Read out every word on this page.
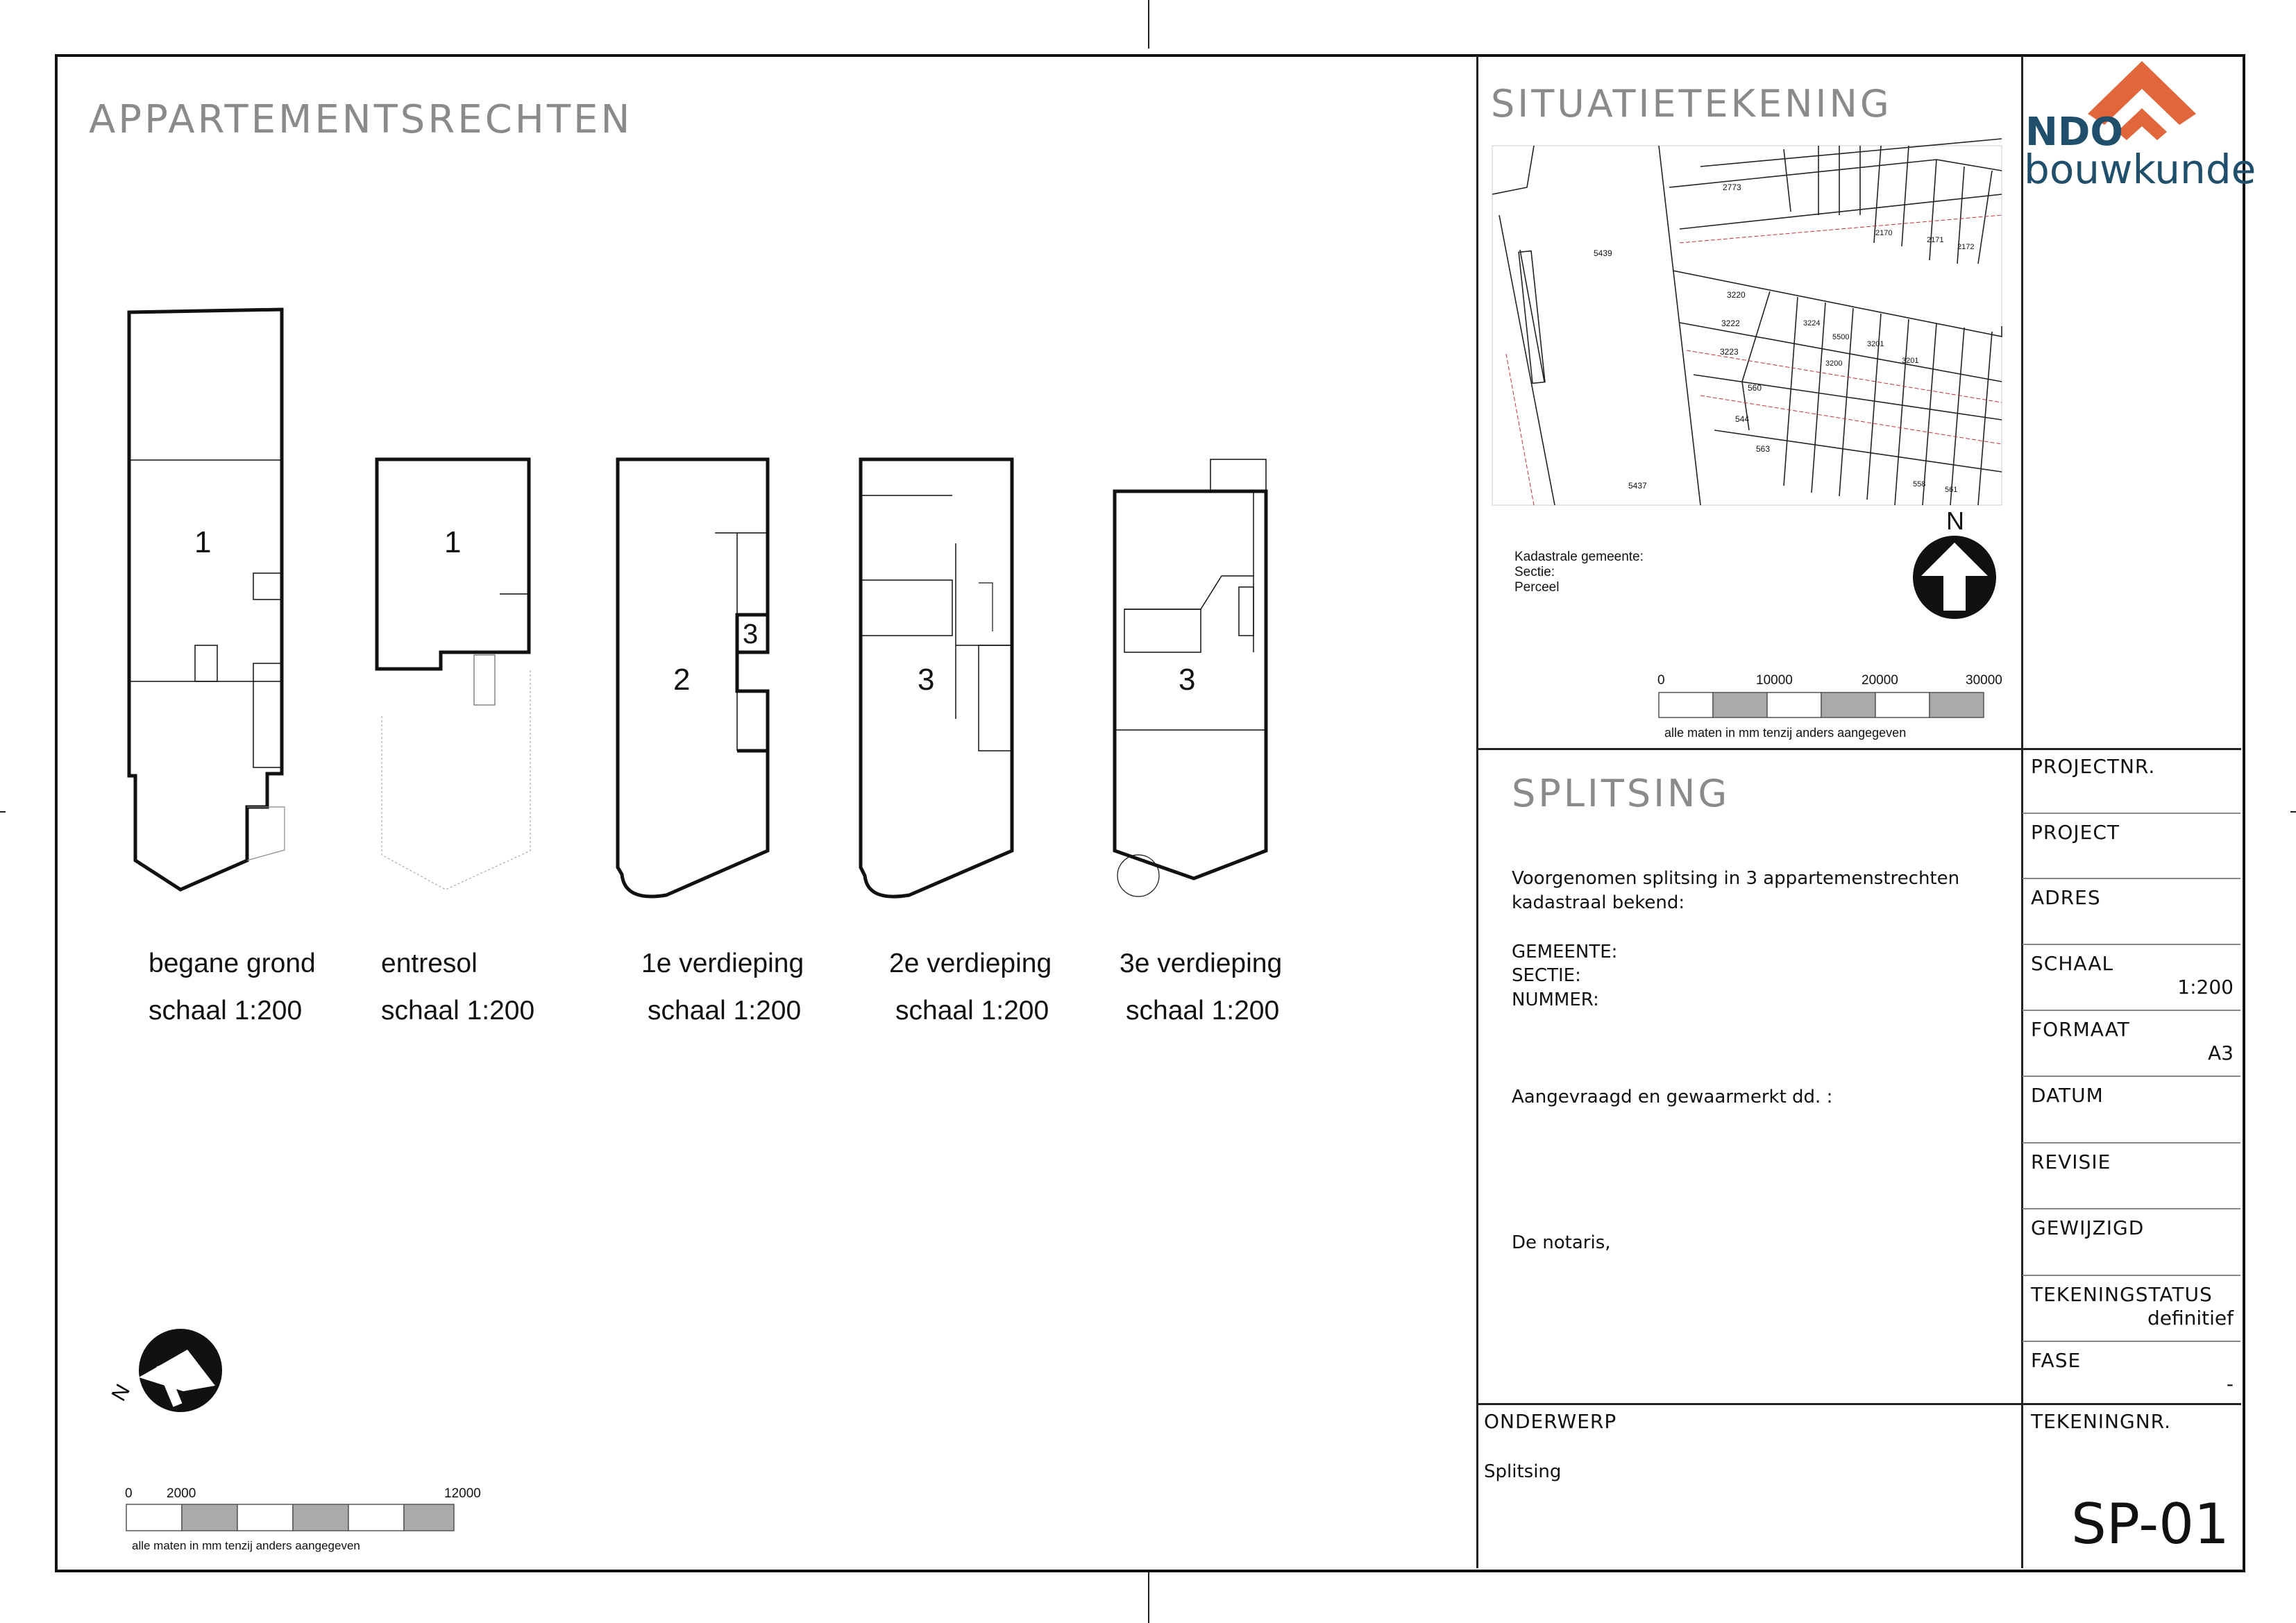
APPARTEMENTSRECHTEN
1	1
2
3
3	3
begane grond
schaal 1:200
entresol
schaal 1:200
1e verdieping
schaal 1:200
2e verdieping
schaal 1:200
3e verdieping
schaal 1:200
N
0	2000	12000
alle maten in mm tenzij anders aangegeven
SITUATIETEKENING
5439
5437
2773
3220
3222
3223
3224
5500
3201
560
544
563
558
561
2170
2171
2172
3200	3201
N
Kadastrale gemeente:
Sectie:
Perceel
0	10000	20000	30000
alle maten in mm tenzij anders aangegeven
NDO
bouwkunde
SPLITSING
Voorgenomen splitsing in 3 appartemenstrechten
kadastraal bekend:
GEMEENTE:
SECTIE:
NUMMER:
Aangevraagd en gewaarmerkt dd. :
De notaris,
PROJECTNR.
PROJECT
ADRES
SCHAAL
1:200
FORMAAT
A3
DATUM
REVISIE
GEWIJZIGD
TEKENINGSTATUS
definitief
FASE
-
ONDERWERP
Splitsing
TEKENINGNR.
SP-01
